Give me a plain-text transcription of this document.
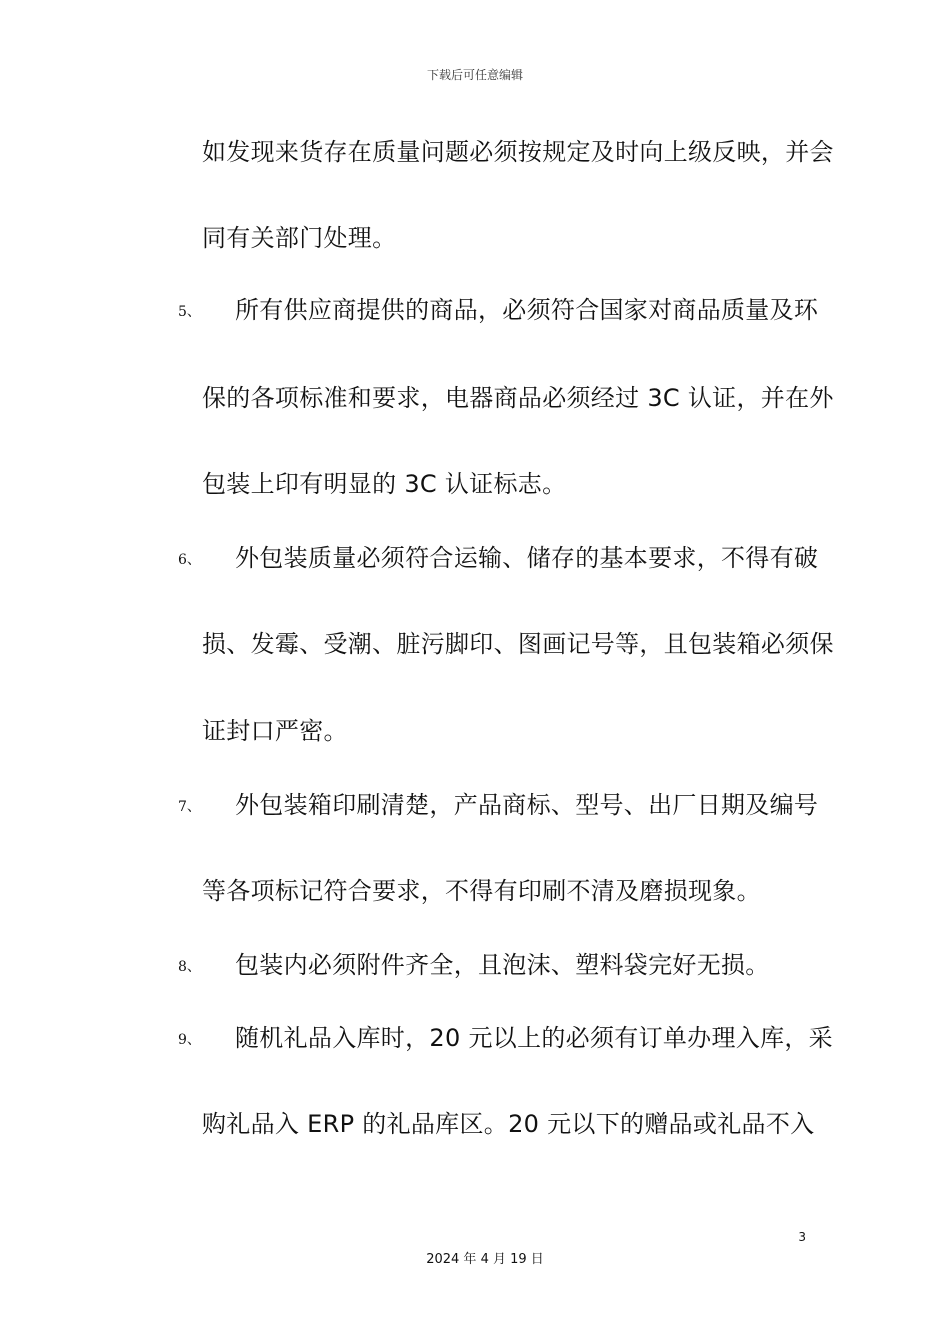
下载后可任意编辑
如发现来货存在质量问题必须按规定及时向上级反映，并会
同有关部门处理。
5、 所有供应商提供的商品，必须符合国家对商品质量及环
保的各项标准和要求，电器商品必须经过 3C 认证，并在外
包装上印有明显的 3C 认证标志。
6、 外包装质量必须符合运输、储存的基本要求，不得有破
损、发霉、受潮、脏污脚印、图画记号等，且包装箱必须保
证封口严密。
7、 外包装箱印刷清楚，产品商标、型号、出厂日期及编号
等各项标记符合要求，不得有印刷不清及磨损现象。
8、 包装内必须附件齐全，且泡沫、塑料袋完好无损。
9、 随机礼品入库时，20 元以上的必须有订单办理入库，采
购礼品入 ERP 的礼品库区。20 元以下的赠品或礼品不入
3
2024 年 4 月 19 日
